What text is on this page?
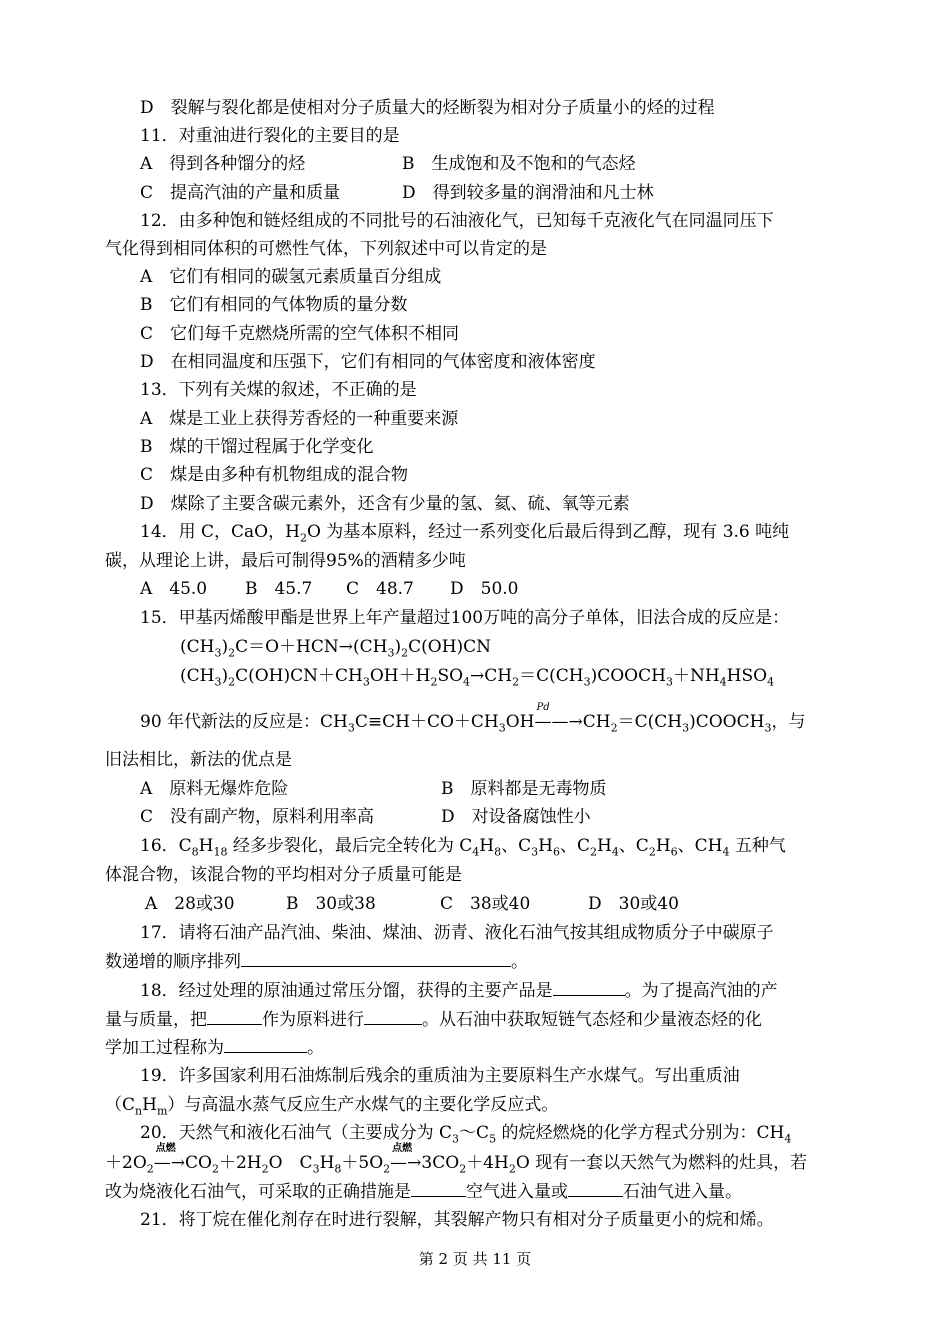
D　裂解与裂化都是使相对分子质量大的烃断裂为相对分子质量小的烃的过程
11．对重油进行裂化的主要目的是
A　得到各种馏分的烃	B　生成饱和及不饱和的气态烃
C　提高汽油的产量和质量	D　得到较多量的润滑油和凡士林
12．由多种饱和链烃组成的不同批号的石油液化气，已知每千克液化气在同温同压下
气化得到相同体积的可燃性气体，下列叙述中可以肯定的是
A　它们有相同的碳氢元素质量百分组成
B　它们有相同的气体物质的量分数
C　它们每千克燃烧所需的空气体积不相同
D　在相同温度和压强下，它们有相同的气体密度和液体密度
13．下列有关煤的叙述，不正确的是
A　煤是工业上获得芳香烃的一种重要来源
B　煤的干馏过程属于化学变化
C　煤是由多种有机物组成的混合物
D　煤除了主要含碳元素外，还含有少量的氢、氦、硫、氧等元素
14．用 C，CaO，$H_2O$ 为基本原料，经过一系列变化后最后得到乙醇，现有 3.6 吨纯
碳，从理论上讲，最后可制得95%的酒精多少吨
A　45.0 B　45.7 C　48.7 D　50.0
15．甲基丙烯酸甲酯是世界上年产量超过100万吨的高分子单体，旧法合成的反应是：
$(CH_3)_2C=O+HCN\to(CH_3)_2C(OH)CN$
$(CH_3)_2C(OH)CN+CH_3OH+H_2SO_4\to CH_2=C(CH_3)COOCH_3+NH_4HSO_4$
90 年代新法的反应是：$CH_3C\equiv CH+CO+CH_3OH$
Pd
$——\to CH_2=C(CH_3)COOCH_3$，与
旧法相比，新法的优点是
A　原料无爆炸危险	B　原料都是无毒物质
C　没有副产物，原料利用率高	D　对设备腐蚀性小
16．$C_8H_{18}$ 经多步裂化，最后完全转化为 $C_4H_8$、$C_3H_6$、$C_2H_4$、$C_2H_6$、$CH_4$ 五种气
体混合物，该混合物的平均相对分子质量可能是
A　28或30	B　30或38	C　38或40	D　30或40
17．请将石油产品汽油、柴油、煤油、沥青、液化石油气按其组成物质分子中碳原子
数递增的顺序排列	。
18．经过处理的原油通过常压分馏，获得的主要产品是	。为了提高汽油的产
量与质量，把	作为原料进行	。从石油中获取短链气态烃和少量液态烃的化
学加工过程称为	。
19．许多国家利用石油炼制后残余的重质油为主要原料生产水煤气。写出重质油
$(C_nH_m)$与高温水蒸气反应生产水煤气的主要化学反应式。
20．天然气和液化石油气（主要成分为 $C_3\sim C_5$ 的烷烃燃烧的化学方程式分别为：$CH_4$
$+2O_2$
点燃
$—\to CO_2+2H_2O$　$C_3H_8+5O_2$
点燃
$—\to 3CO_2+4H_2O$ 现有一套以天然气为燃料的灶具，若
改为烧液化石油气，可采取的正确措施是	空气进入量或	石油气进入量。
21．将丁烷在催化剂存在时进行裂解，其裂解产物只有相对分子质量更小的烷和烯。
第 2 页 共 11 页
